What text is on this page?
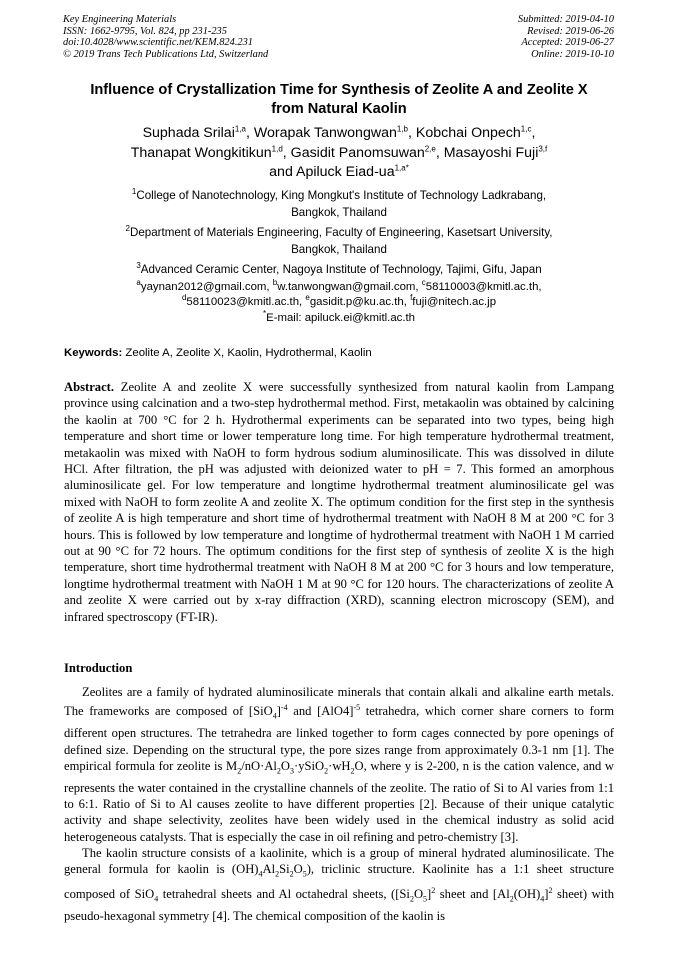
Key Engineering Materials
ISSN: 1662-9795, Vol. 824, pp 231-235
doi:10.4028/www.scientific.net/KEM.824.231
© 2019 Trans Tech Publications Ltd, Switzerland
Submitted: 2019-04-10
Revised: 2019-06-26
Accepted: 2019-06-27
Online: 2019-10-10
Influence of Crystallization Time for Synthesis of Zeolite A and Zeolite X
from Natural Kaolin
Suphada Srilai$^{1,a}$, Worapak Tanwongwan$^{1,b}$, Kobchai Onpech$^{1,c}$,
Thanapat Wongkitikun$^{1,d}$, Gasidit Panomsuwan$^{2,e}$, Masayoshi Fuji$^{3,f}$
and Apiluck Eiad-$ua^{1,a*}$
$^1$College of Nanotechnology, King Mongkut's Institute of Technology Ladkrabang,
Bangkok, Thailand
$^2$Department of Materials Engineering, Faculty of Engineering, Kasetsart University,
Bangkok, Thailand
$^3$Advanced Ceramic Center, Nagoya Institute of Technology, Tajimi, Gifu, Japan
$^a$yaynan2012@gmail.com, $^b$w.tanwongwan@gmail.com, $^c$58110003@kmitl.ac.th,
$^d$58110023@kmitl.ac.th, $^e$gasidit.p@ku.ac.th, $^f$fuji@nitech.ac.jp
*E-mail: apiluck.ei@kmitl.ac.th
Keywords: Zeolite A, Zeolite X, Kaolin, Hydrothermal, Kaolin
Abstract. Zeolite A and zeolite X were successfully synthesized from natural kaolin from Lampang province using calcination and a two-step hydrothermal method. First, metakaolin was obtained by calcining the kaolin at 700 °C for 2 h. Hydrothermal experiments can be separated into two types, being high temperature and short time or lower temperature long time. For high temperature hydrothermal treatment, metakaolin was mixed with NaOH to form hydrous sodium aluminosilicate. This was dissolved in dilute HCl. After filtration, the pH was adjusted with deionized water to pH = 7. This formed an amorphous aluminosilicate gel. For low temperature and longtime hydrothermal treatment aluminosilicate gel was mixed with NaOH to form zeolite A and zeolite X. The optimum condition for the first step in the synthesis of zeolite A is high temperature and short time of hydrothermal treatment with NaOH 8 M at 200 °C for 3 hours. This is followed by low temperature and longtime of hydrothermal treatment with NaOH 1 M carried out at 90 °C for 72 hours. The optimum conditions for the first step of synthesis of zeolite X is the high temperature, short time hydrothermal treatment with NaOH 8 M at 200 °C for 3 hours and low temperature, longtime hydrothermal treatment with NaOH 1 M at 90 °C for 120 hours. The characterizations of zeolite A and zeolite X were carried out by x-ray diffraction (XRD), scanning electron microscopy (SEM), and infrared spectroscopy (FT-IR).
Introduction
Zeolites are a family of hydrated aluminosilicate minerals that contain alkali and alkaline earth metals. The frameworks are composed of $[SiO_4]^{-4}$ and $[AlO4]^{-5}$ tetrahedra, which corner share corners to form different open structures. The tetrahedra are linked together to form cages connected by pore openings of defined size. Depending on the structural type, the pore sizes range from approximately 0.3-1 nm [1]. The empirical formula for zeolite is $M_2/nO\cdot Al_2O_3\cdot ySiO_2\cdot wH_2O$, where y is 2-200, n is the cation valence, and w represents the water contained in the crystalline channels of the zeolite. The ratio of Si to Al varies from 1:1 to 6:1. Ratio of Si to Al causes zeolite to have different properties [2]. Because of their unique catalytic activity and shape selectivity, zeolites have been widely used in the chemical industry as solid acid heterogeneous catalysts. That is especially the case in oil refining and petro-chemistry [3].
The kaolin structure consists of a kaolinite, which is a group of mineral hydrated aluminosilicate. The general formula for kaolin is $(OH)_4Al_2Si_2O_5$), triclinic structure. Kaolinite has a 1:1 sheet structure composed of SiO$_4$ tetrahedral sheets and Al octahedral sheets, ($[Si_2O_5]^2$ sheet and $[Al_2(OH)_4]^2$ sheet) with pseudo-hexagonal symmetry [4]. The chemical composition of the kaolin is
